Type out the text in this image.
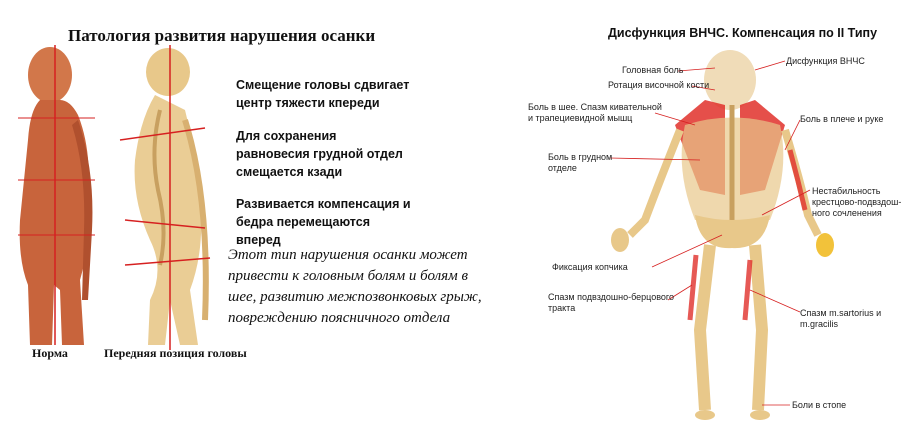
Патология развития нарушения осанки
Смещение головы сдвигает
центр тяжести кпереди
Для сохранения
равновесия грудной отдел
смещается кзади
Развивается компенсация и
бедра перемещаются
вперед
Этот тип нарушения осанки может привести к головным болям и болям в шее, развитию межпозвонковых грыж, повреждению поясничного отдела
Норма	Передняя позиция головы
Дисфункция ВНЧС. Компенсация по II Типу
Головная боль
Дисфункция ВНЧС
Ротация височной кости
Боль в шее. Спазм кивательной
и трапециевидной мышц	Боль в плече и руке
Боль в грудном
отделе
Нестабильность
крестцово-подвздош-
ного сочленения
Фиксация копчика
Спазм подвздошно-берцового
тракта	Спазм m.sartorius и
m.gracilis
Боли в стопе
